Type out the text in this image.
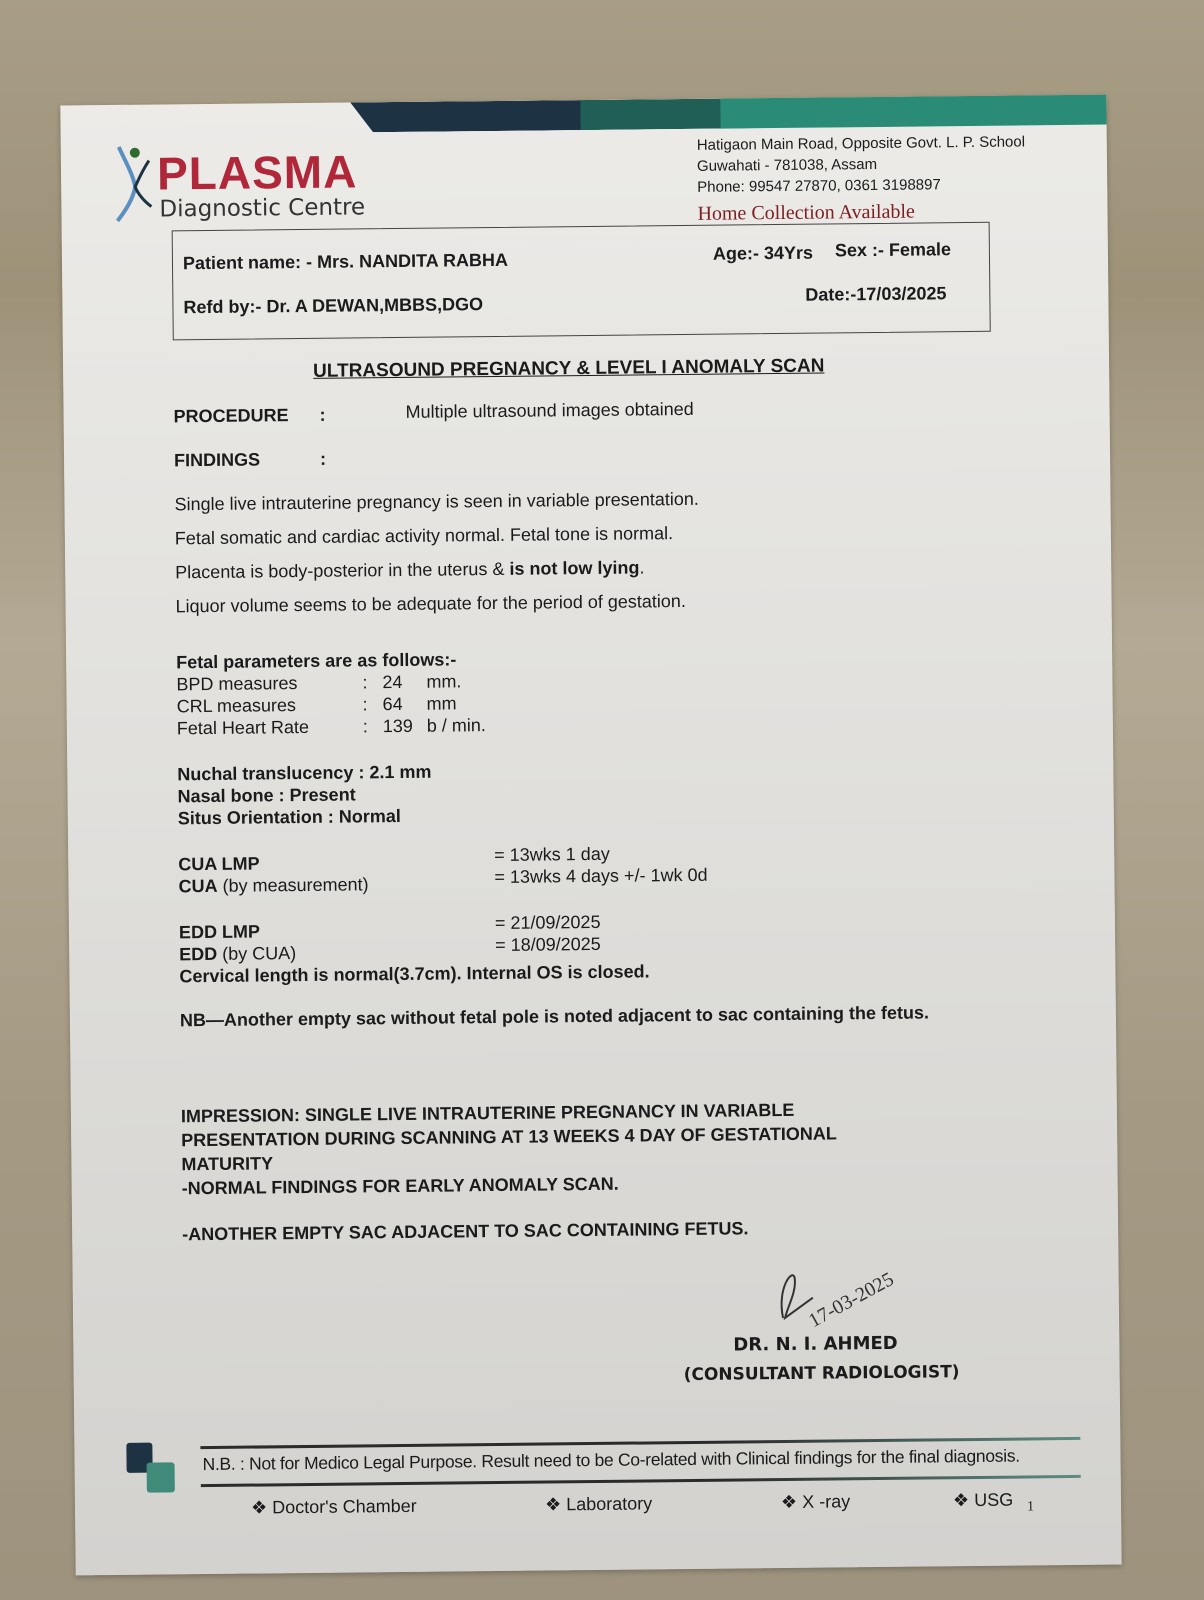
PLASMA
Diagnostic Centre
Hatigaon Main Road, Opposite Govt. L. P. School
Guwahati - 781038, Assam
Phone: 99547 27870, 0361 3198897
Home Collection Available
Patient name: - Mrs. NANDITA RABHA	Age:- 34Yrs Sex :- Female
Refd by:- Dr. A DEWAN,MBBS,DGO
Date:-17/03/2025
ULTRASOUND PREGNANCY & LEVEL I ANOMALY SCAN
PROCEDURE :	Multiple ultrasound images obtained
FINDINGS	:
Single live intrauterine pregnancy is seen in variable presentation.
Fetal somatic and cardiac activity normal. Fetal tone is normal.
Placenta is body-posterior in the uterus & is not low lying.
Liquor volume seems to be adequate for the period of gestation.
Fetal parameters are as follows:-
BPD measures	: 24 mm.
CRL measures	: 64 mm
Fetal Heart Rate	: 139 b / min.
Nuchal translucency : 2.1 mm
Nasal bone : Present
Situs Orientation : Normal
CUA LMP	= 13wks 1 day
CUA (by measurement)	= 13wks 4 days +/- 1wk 0d
EDD LMP	= 21/09/2025
EDD (by CUA)	= 18/09/2025
Cervical length is normal(3.7cm). Internal OS is closed.
NB—Another empty sac without fetal pole is noted adjacent to sac containing the fetus.
IMPRESSION: SINGLE LIVE INTRAUTERINE PREGNANCY IN VARIABLE
PRESENTATION DURING SCANNING AT 13 WEEKS 4 DAY OF GESTATIONAL
MATURITY
-NORMAL FINDINGS FOR EARLY ANOMALY SCAN.
-ANOTHER EMPTY SAC ADJACENT TO SAC CONTAINING FETUS.
17-03-2025
DR. N. I. AHMED
(CONSULTANT RADIOLOGIST)
N.B. : Not for Medico Legal Purpose. Result need to be Co-related with Clinical findings for the final diagnosis.
❖ Doctor's Chamber	❖ Laboratory	❖ X -ray	❖ USG 1
